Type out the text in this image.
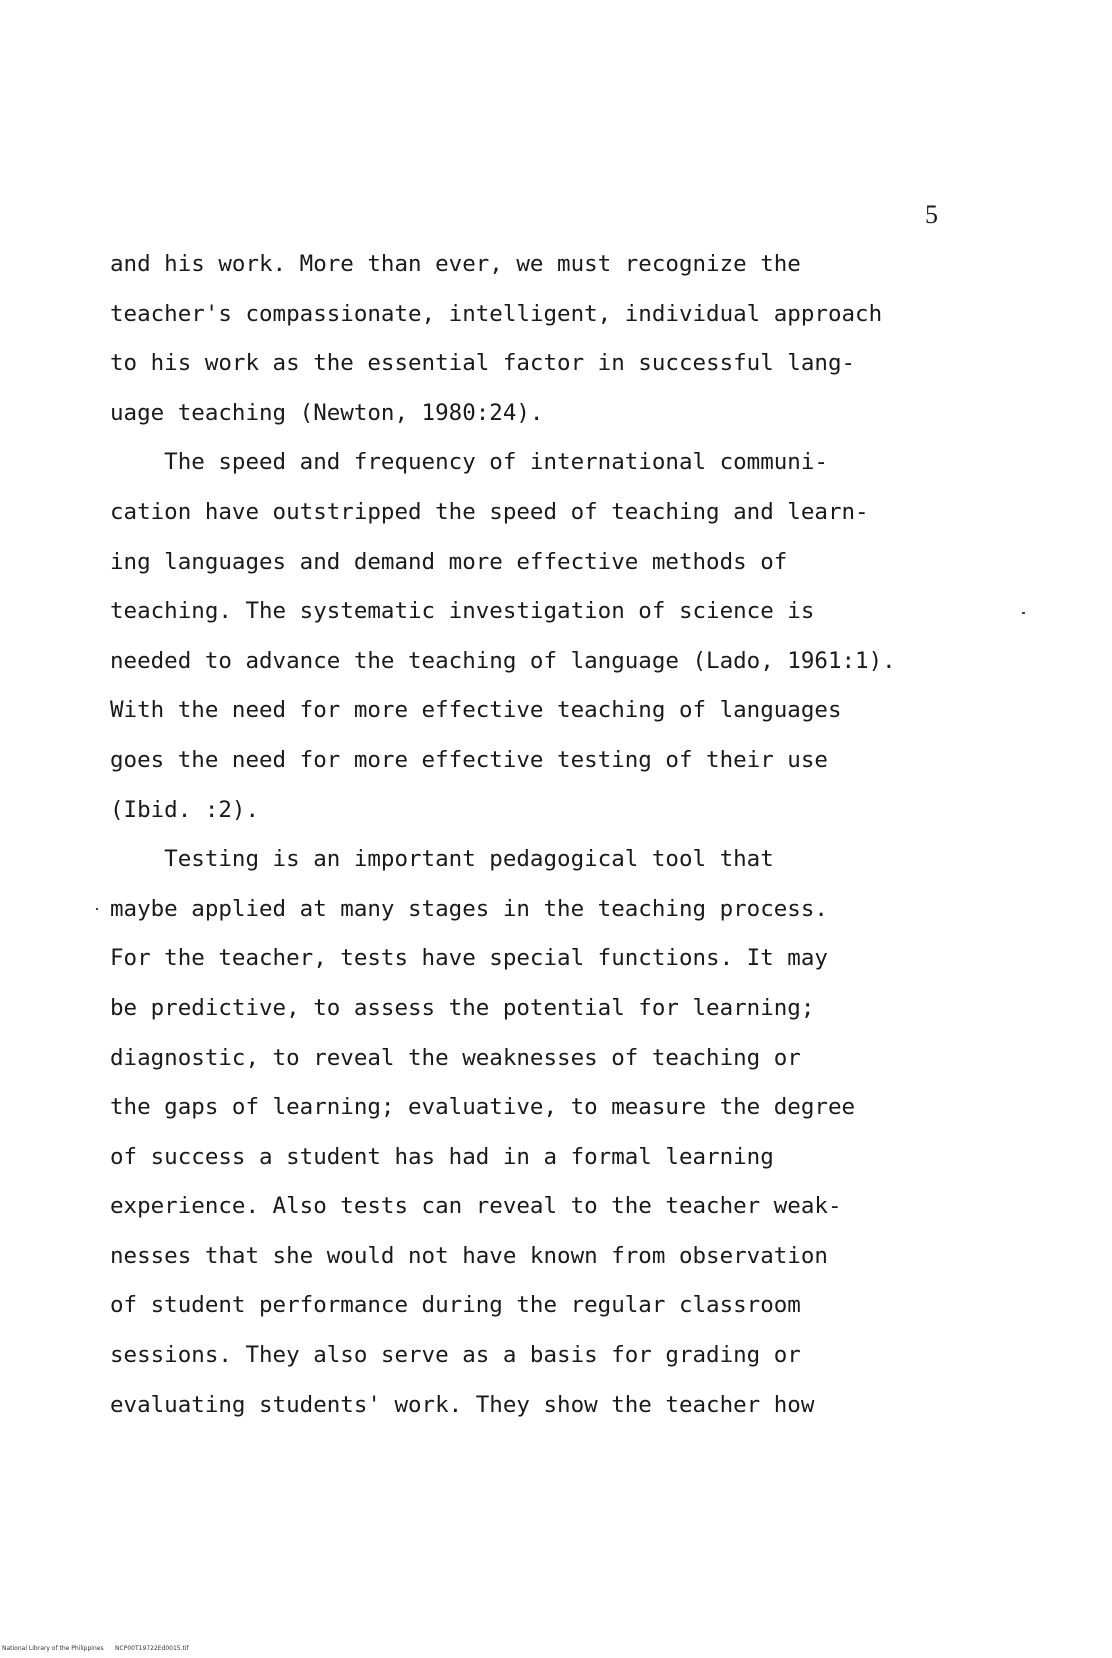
5
and his work. More than ever, we must recognize the
teacher's compassionate, intelligent, individual approach
to his work as the essential factor in successful lang-
uage teaching (Newton, 1980:24).
The speed and frequency of international communi-
cation have outstripped the speed of teaching and learn-
ing languages and demand more effective methods of
teaching. The systematic investigation of science is
needed to advance the teaching of language (Lado, 1961:1).
With the need for more effective teaching of languages
goes the need for more effective testing of their use
(Ibid. :2).
Testing is an important pedagogical tool that
maybe applied at many stages in the teaching process.
For the teacher, tests have special functions. It may
be predictive, to assess the potential for learning;
diagnostic, to reveal the weaknesses of teaching or
the gaps of learning; evaluative, to measure the degree
of success a student has had in a formal learning
experience. Also tests can reveal to the teacher weak-
nesses that she would not have known from observation
of student performance during the regular classroom
sessions. They also serve as a basis for grading or
evaluating students' work. They show the teacher how
National Library of the Philippines NCP00T19722Ed0015.tif
